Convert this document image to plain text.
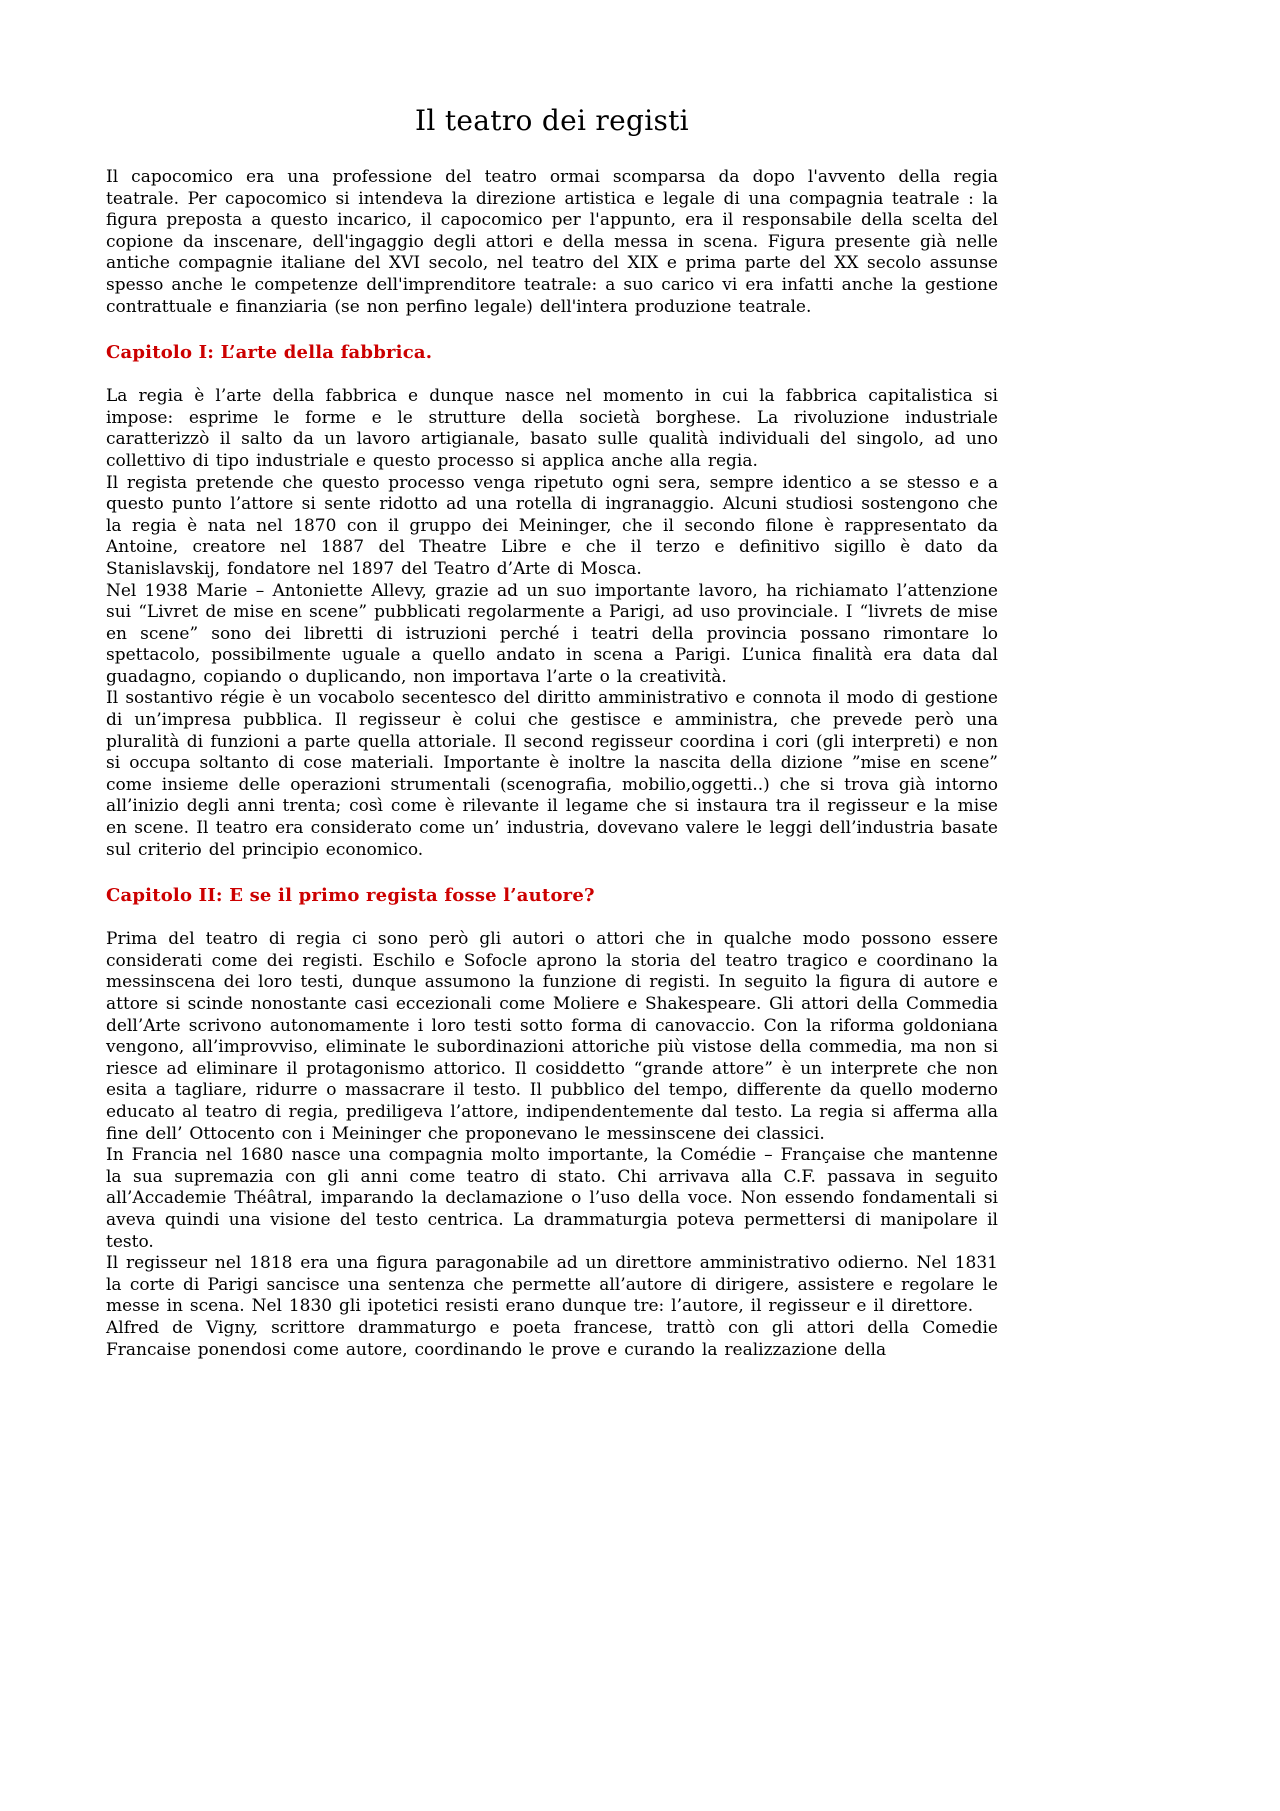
Il teatro dei registi

Il capocomico era una professione del teatro ormai scomparsa da dopo l'avvento della regia teatrale. Per capocomico si intendeva la direzione artistica e legale di una compagnia teatrale : la figura preposta a questo incarico, il capocomico per l'appunto, era il responsabile della scelta del copione da inscenare, dell'ingaggio degli attori e della messa in scena. Figura presente già nelle antiche compagnie italiane del XVI secolo, nel teatro del XIX e prima parte del XX secolo assunse spesso anche le competenze dell'imprenditore teatrale: a suo carico vi era infatti anche la gestione contrattuale e finanziaria (se non perfino legale) dell'intera produzione teatrale.

Capitolo I: L’arte della fabbrica.

La regia è l’arte della fabbrica e dunque nasce nel momento in cui la fabbrica capitalistica si impose: esprime le forme e le strutture della società borghese. La rivoluzione industriale caratterizzò il salto da un lavoro artigianale, basato sulle qualità individuali del singolo, ad uno collettivo di tipo industriale e questo processo si applica anche alla regia.

Il regista pretende che questo processo venga ripetuto ogni sera, sempre identico a se stesso e a questo punto l’attore si sente ridotto ad una rotella di ingranaggio. Alcuni studiosi sostengono che la regia è nata nel 1870 con il gruppo dei Meininger, che il secondo filone è rappresentato da Antoine, creatore nel 1887 del Theatre Libre e che il terzo e definitivo sigillo è dato da Stanislavskij, fondatore nel 1897 del Teatro d’Arte di Mosca.

Nel 1938 Marie – Antoniette Allevy, grazie ad un suo importante lavoro, ha richiamato l’attenzione sui “Livret de mise en scene” pubblicati regolarmente a Parigi, ad uso provinciale. I “livrets de mise en scene” sono dei libretti di istruzioni perché i teatri della provincia possano rimontare lo spettacolo, possibilmente uguale a quello andato in scena a Parigi. L’unica finalità era data dal guadagno, copiando o duplicando, non importava l’arte o la creatività.

Il sostantivo régie è un vocabolo secentesco del diritto amministrativo e connota il modo di gestione di un’impresa pubblica. Il regisseur è colui che gestisce e amministra, che prevede però una pluralità di funzioni a parte quella attoriale. Il second regisseur coordina i cori (gli interpreti) e non si occupa soltanto di cose materiali. Importante è inoltre la nascita della dizione ”mise en scene” come insieme delle operazioni strumentali (scenografia, mobilio,oggetti..) che si trova già intorno all’inizio degli anni trenta; così come è rilevante il legame che si instaura tra il regisseur e la mise en scene. Il teatro era considerato come un’ industria, dovevano valere le leggi dell’industria basate sul criterio del principio economico.

Capitolo II: E se il primo regista fosse l’autore?

Prima del teatro di regia ci sono però gli autori o attori che in qualche modo possono essere considerati come dei registi. Eschilo e Sofocle aprono la storia del teatro tragico e coordinano la messinscena dei loro testi, dunque assumono la funzione di registi. In seguito la figura di autore e attore si scinde nonostante casi eccezionali come Moliere e Shakespeare. Gli attori della Commedia dell’Arte scrivono autonomamente i loro testi sotto forma di canovaccio. Con la riforma goldoniana vengono, all’improvviso, eliminate le subordinazioni attoriche più vistose della commedia, ma non si riesce ad eliminare il protagonismo attorico. Il cosiddetto “grande attore” è un interprete che non esita a tagliare, ridurre o massacrare il testo. Il pubblico del tempo, differente da quello moderno educato al teatro di regia, prediligeva l’attore, indipendentemente dal testo. La regia si afferma alla fine dell’ Ottocento con i Meininger che proponevano le messinscene dei classici.

In Francia nel 1680 nasce una compagnia molto importante, la Comédie – Française che mantenne la sua supremazia con gli anni come teatro di stato. Chi arrivava alla C.F. passava in seguito all’Accademie Théâtral, imparando la declamazione o l’uso della voce. Non essendo fondamentali si aveva quindi una visione del testo centrica. La drammaturgia poteva permettersi di manipolare il testo.

Il regisseur nel 1818 era una figura paragonabile ad un direttore amministrativo odierno. Nel 1831 la corte di Parigi sancisce una sentenza che permette all’autore di dirigere, assistere e regolare le messe in scena. Nel 1830 gli ipotetici resisti erano dunque tre: l’autore, il regisseur e il direttore.

Alfred de Vigny, scrittore drammaturgo e poeta francese, trattò con gli attori della Comedie Francaise ponendosi come autore, coordinando le prove e curando la realizzazione della
